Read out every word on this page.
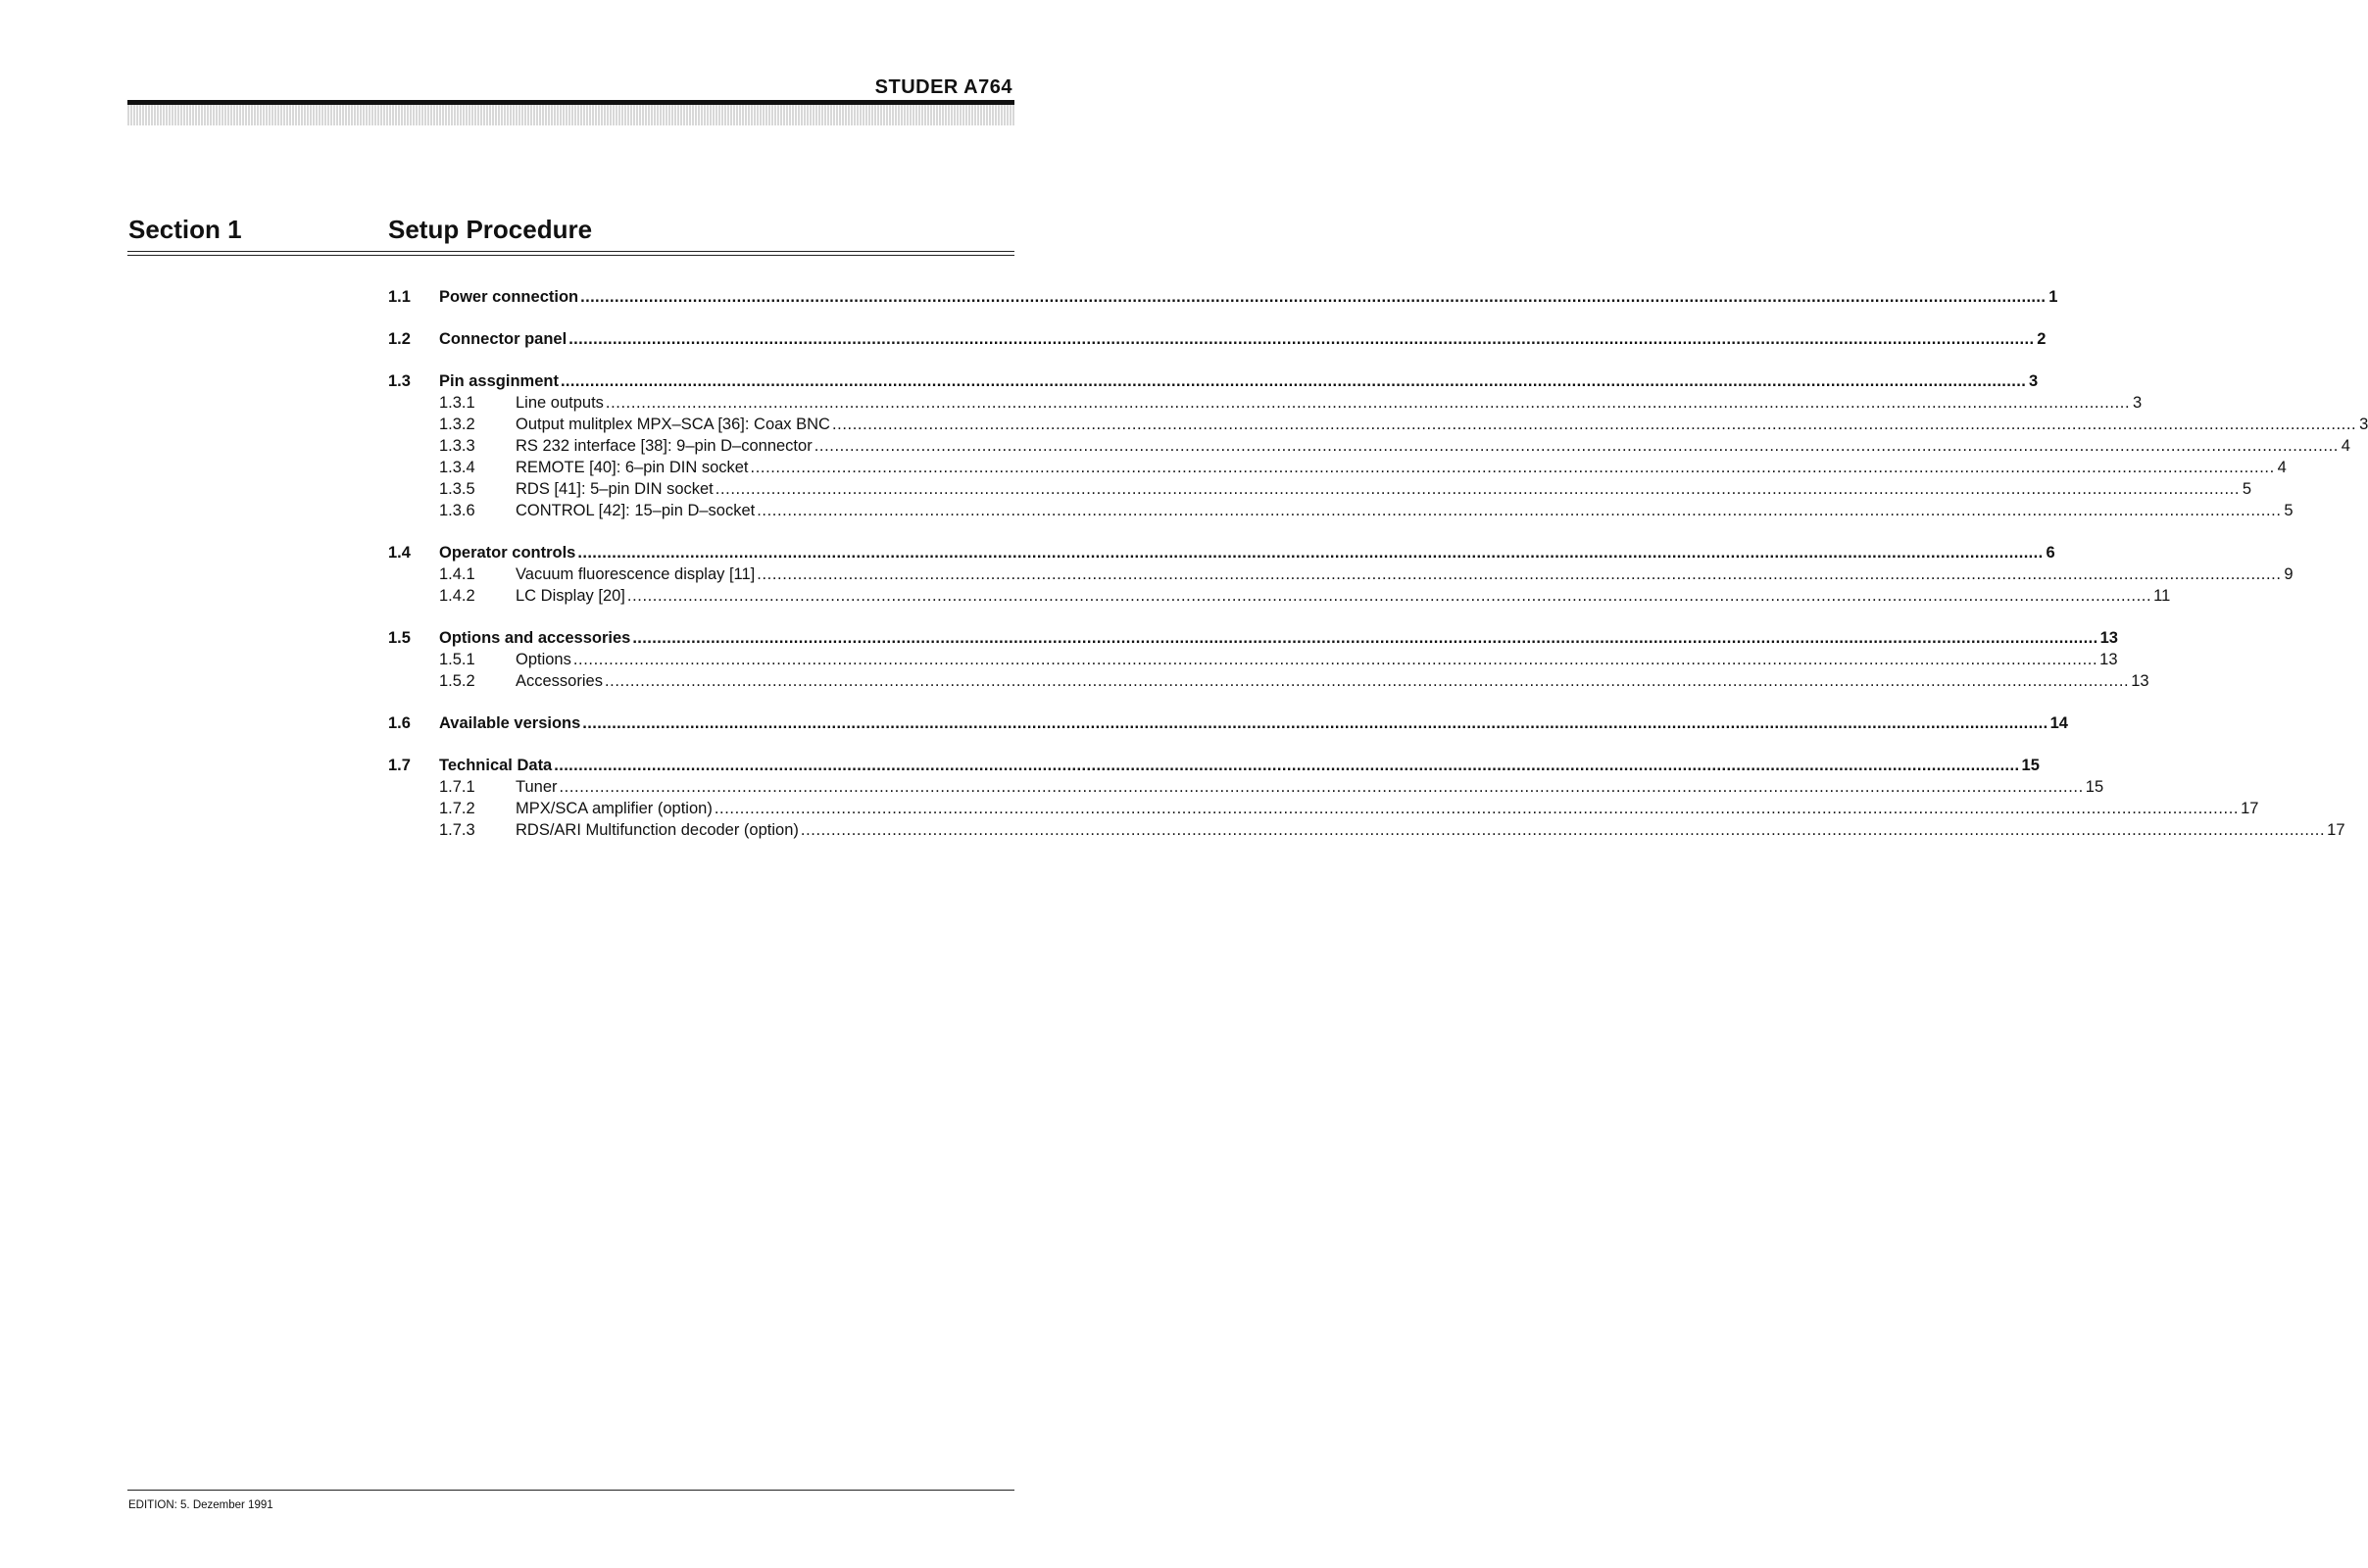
STUDER A764
Section 1	Setup Procedure
1.1	Power connection ............................................................................................................................................................................................................................................................................................................ 1
1.2	Connector panel ............................................................................................................................................................................................................................................................................................................ 2
1.3	Pin assginment ............................................................................................................................................................................................................................................................................................................ 3
1.3.1	Line outputs ............................................................................................................................................................................................................................................................................................................ 3
1.3.2	Output mulitplex MPX–SCA [36]: Coax BNC ............................................................................................................................................................................................................................................................................................................ 3
1.3.3	RS 232 interface [38]: 9–pin D–connector ............................................................................................................................................................................................................................................................................................................ 4
1.3.4	REMOTE [40]: 6–pin DIN socket ............................................................................................................................................................................................................................................................................................................ 4
1.3.5	RDS [41]: 5–pin DIN socket ............................................................................................................................................................................................................................................................................................................ 5
1.3.6	CONTROL [42]: 15–pin D–socket ............................................................................................................................................................................................................................................................................................................ 5
1.4	Operator controls ............................................................................................................................................................................................................................................................................................................ 6
1.4.1	Vacuum fluorescence display [11] ............................................................................................................................................................................................................................................................................................................ 9
1.4.2	LC Display [20] ............................................................................................................................................................................................................................................................................................................ 11
1.5	Options and accessories ............................................................................................................................................................................................................................................................................................................ 13
1.5.1	Options ............................................................................................................................................................................................................................................................................................................ 13
1.5.2	Accessories ............................................................................................................................................................................................................................................................................................................ 13
1.6	Available versions ............................................................................................................................................................................................................................................................................................................ 14
1.7	Technical Data ............................................................................................................................................................................................................................................................................................................ 15
1.7.1	Tuner ............................................................................................................................................................................................................................................................................................................ 15
1.7.2	MPX/SCA amplifier (option) ............................................................................................................................................................................................................................................................................................................ 17
1.7.3	RDS/ARI Multifunction decoder (option) ............................................................................................................................................................................................................................................................................................................ 17
EDITION: 5. Dezember 1991
